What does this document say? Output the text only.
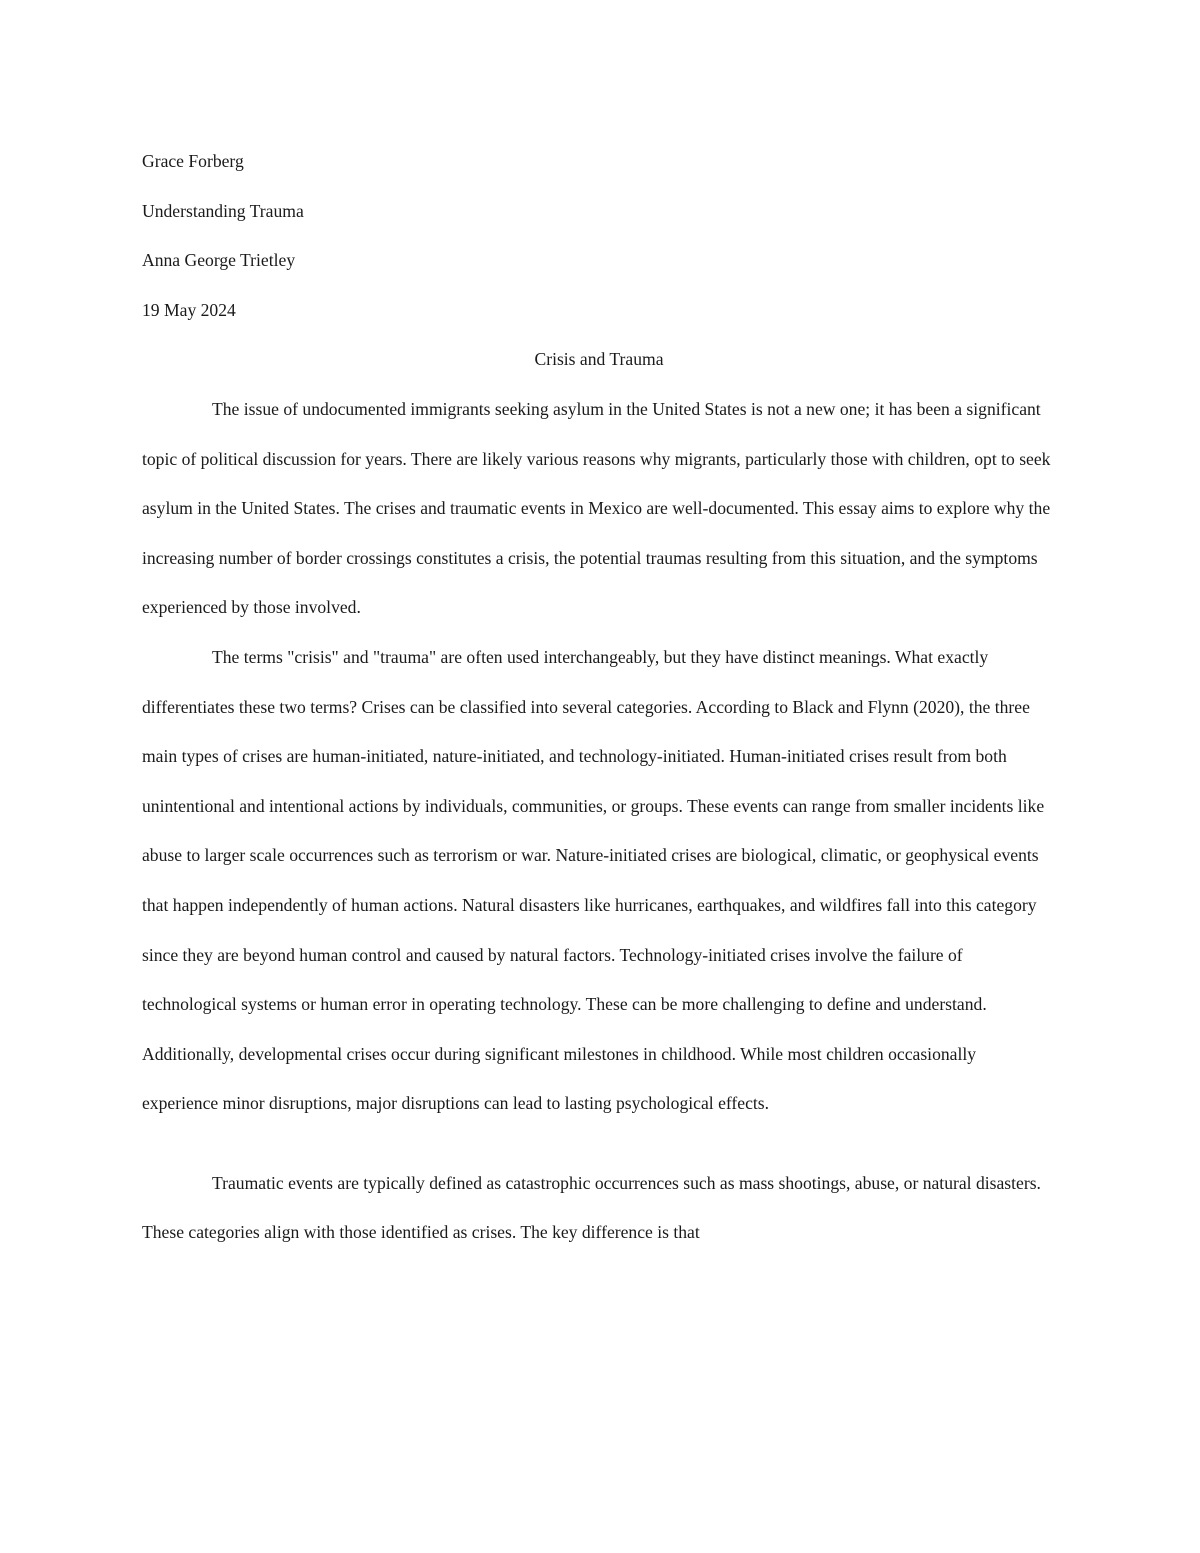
Grace Forberg

Understanding Trauma

Anna George Trietley

19 May 2024

Crisis and Trauma

The issue of undocumented immigrants seeking asylum in the United States is not a new one; it has been a significant topic of political discussion for years. There are likely various reasons why migrants, particularly those with children, opt to seek asylum in the United States. The crises and traumatic events in Mexico are well-documented. This essay aims to explore why the increasing number of border crossings constitutes a crisis, the potential traumas resulting from this situation, and the symptoms experienced by those involved.

The terms "crisis" and "trauma" are often used interchangeably, but they have distinct meanings. What exactly differentiates these two terms? Crises can be classified into several categories. According to Black and Flynn (2020), the three main types of crises are human-initiated, nature-initiated, and technology-initiated. Human-initiated crises result from both unintentional and intentional actions by individuals, communities, or groups. These events can range from smaller incidents like abuse to larger scale occurrences such as terrorism or war. Nature-initiated crises are biological, climatic, or geophysical events that happen independently of human actions. Natural disasters like hurricanes, earthquakes, and wildfires fall into this category since they are beyond human control and caused by natural factors. Technology-initiated crises involve the failure of technological systems or human error in operating technology. These can be more challenging to define and understand. Additionally, developmental crises occur during significant milestones in childhood. While most children occasionally experience minor disruptions, major disruptions can lead to lasting psychological effects.

Traumatic events are typically defined as catastrophic occurrences such as mass shootings, abuse, or natural disasters. These categories align with those identified as crises. The key difference is that
